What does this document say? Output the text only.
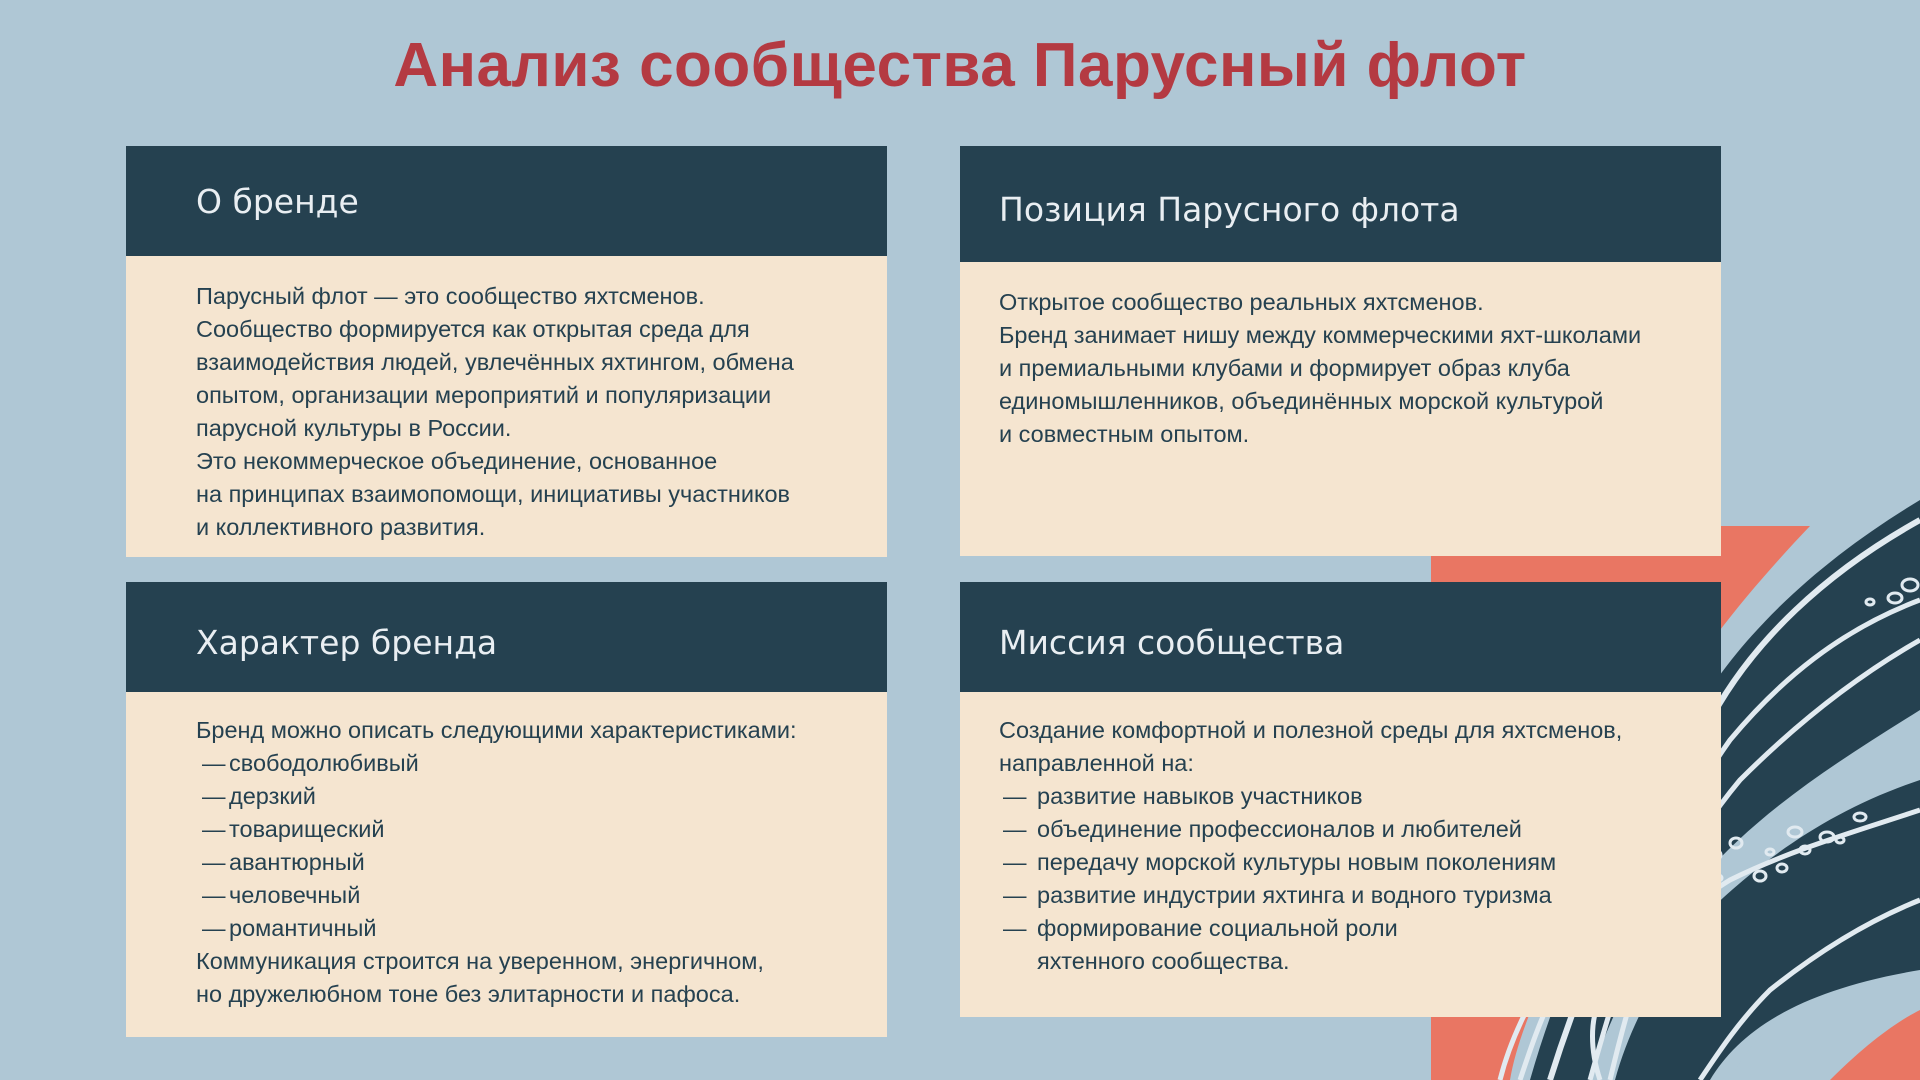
Анализ сообщества Парусный флот
О бренде

Парусный флот — это сообщество яхтсменов.

Сообщество формируется как открытая среда для

взаимодействия людей, увлечённых яхтингом, обмена

опытом, организации мероприятий и популяризации

парусной культуры в России.

Это некоммерческое объединение, основанное

на принципах взаимопомощи, инициативы участников

и коллективного развития.

Позиция Парусного флота

Открытое сообщество реальных яхтсменов.

Бренд занимает нишу между коммерческими яхт-школами

и премиальными клубами и формирует образ клуба

единомышленников, объединённых морской культурой

и совместным опытом.

Характер бренда

Бренд можно описать следующими характеристиками:

— свободолюбивый
— дерзкий
— товарищеский
— авантюрный
— человечный
— романтичный

Коммуникация строится на уверенном, энергичном,

но дружелюбном тоне без элитарности и пафоса.

Миссия сообщества

Создание комфортной и полезной среды для яхтсменов,

направленной на:

— развитие навыков участников
— объединение профессионалов и любителей
— передачу морской культуры новым поколениям
— развитие индустрии яхтинга и водного туризма
— формирование социальной роли

яхтенного сообщества.
